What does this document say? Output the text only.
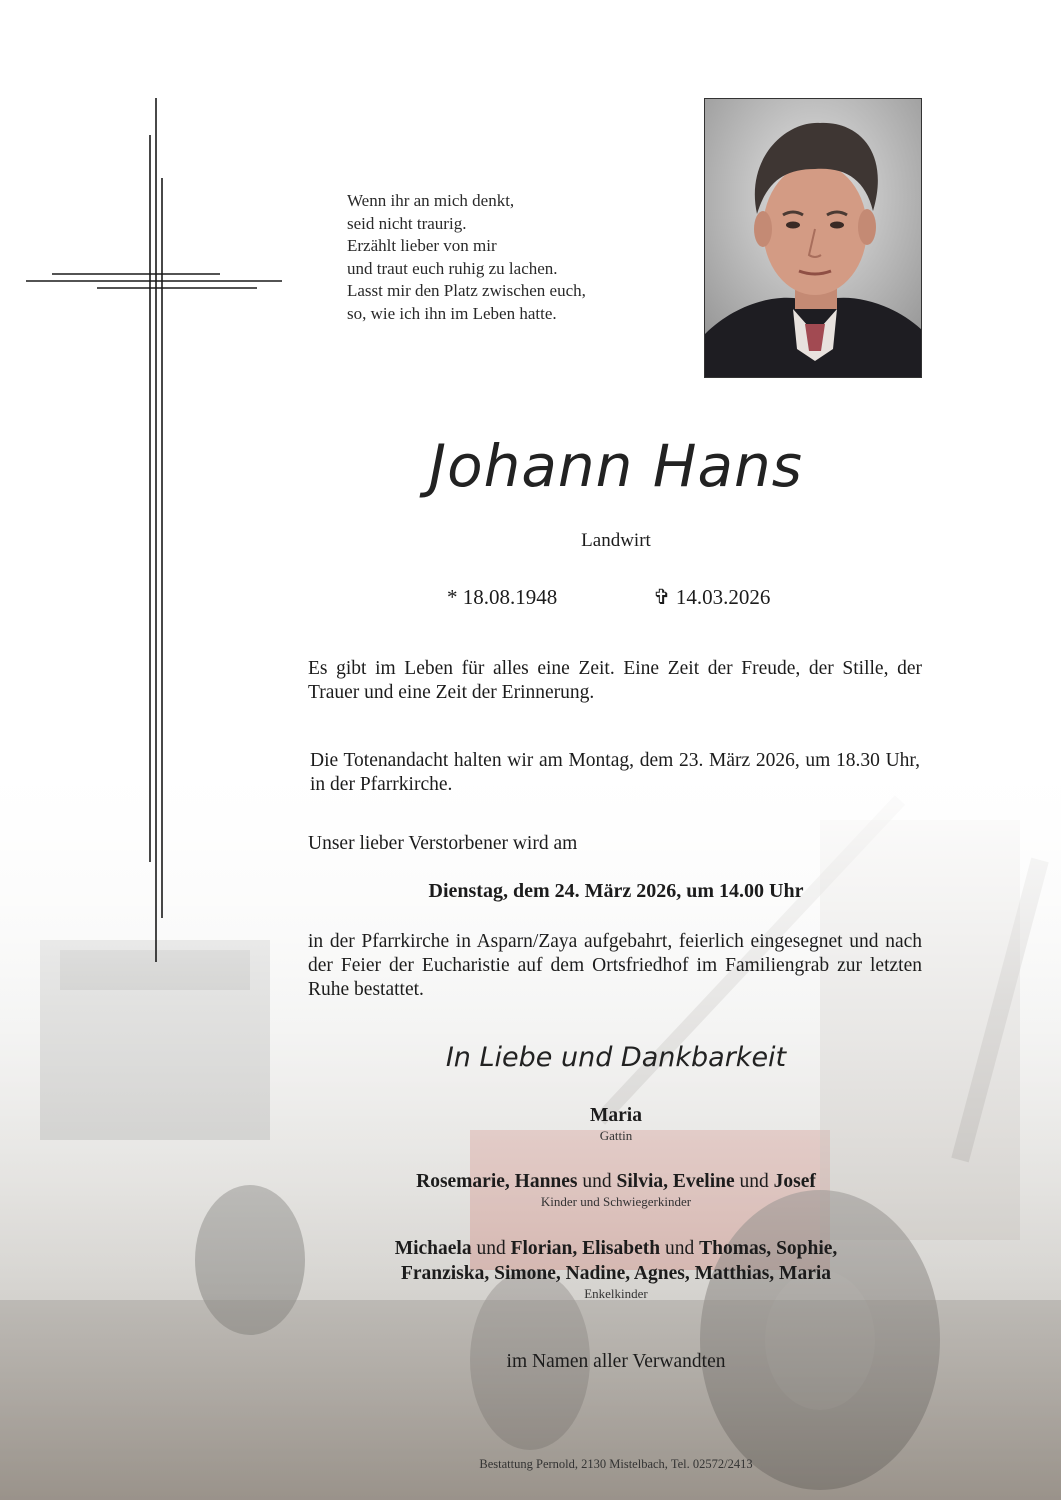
Wenn ihr an mich denkt,
seid nicht traurig.
Erzählt lieber von mir
und traut euch ruhig zu lachen.
Lasst mir den Platz zwischen euch,
so, wie ich ihn im Leben hatte.
Johann Hans
Landwirt
* 18.08.1948	✞ 14.03.2026
Es gibt im Leben für alles eine Zeit. Eine Zeit der Freude, der Stille, der Trauer und eine Zeit der Erinnerung.
Die Totenandacht halten wir am Montag, dem 23. März 2026, um 18.30 Uhr, in der Pfarrkirche.
Unser lieber Verstorbener wird am
Dienstag, dem 24. März 2026, um 14.00 Uhr
in der Pfarrkirche in Asparn/Zaya aufgebahrt, feierlich eingesegnet und nach der Feier der Eucharistie auf dem Ortsfriedhof im Familiengrab zur letzten Ruhe bestattet.
In Liebe und Dankbarkeit
Maria
Gattin
Rosemarie, Hannes und Silvia, Eveline und Josef
Kinder und Schwiegerkinder
Michaela und Florian, Elisabeth und Thomas, Sophie,
Franziska, Simone, Nadine, Agnes, Matthias, Maria
Enkelkinder
im Namen aller Verwandten
Bestattung Pernold, 2130 Mistelbach, Tel. 02572/2413
